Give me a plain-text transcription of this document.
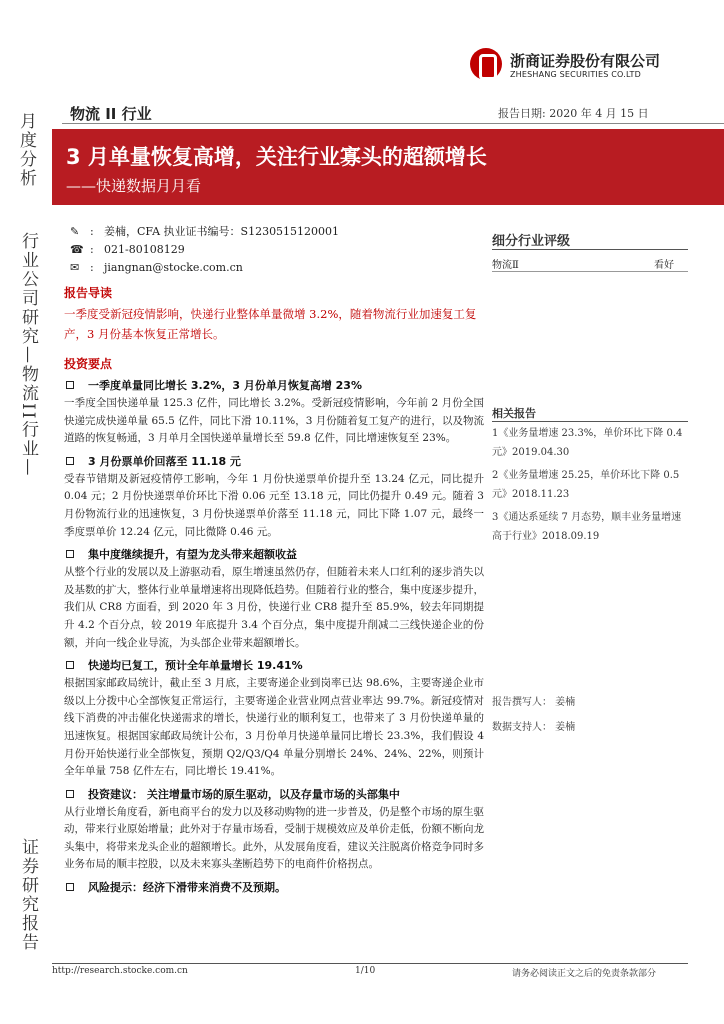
浙商证券股份有限公司
ZHESHANG SECURITIES CO.LTD
月度分析
行业公司研究—物流II行业—
证券研究报告
物流 II 行业	报告日期: 2020 年 4 月 15 日
3 月单量恢复高增，关注行业寡头的超额增长
——快递数据月月看
✎ : 姜楠，CFA 执业证书编号：S1230515120001
☎ : 021-80108129
✉ : jiangnan@stocke.com.cn
细分行业评级
物流Ⅱ	看好
相关报告
1《业务量增速 23.3%，单价环比下降 0.4 元》2019.04.30
2《业务量增速 25.25，单价环比下降 0.5 元》2018.11.23
3《通达系延续 7 月态势，顺丰业务量增速高于行业》2018.09.19
报告撰写人： 姜楠
数据支持人： 姜楠
报告导读
一季度受新冠疫情影响，快递行业整体单量微增 3.2%，随着物流行业加速复工复产，3 月份基本恢复正常增长。
投资要点
一季度单量同比增长 3.2%，3 月份单月恢复高增 23%
一季度全国快递单量 125.3 亿件，同比增长 3.2%。受新冠疫情影响，今年前 2 月份全国快递完成快递单量 65.5 亿件，同比下滑 10.11%，3 月份随着复工复产的进行，以及物流道路的恢复畅通，3 月单月全国快递单量增长至 59.8 亿件，同比增速恢复至 23%。
3 月份票单价回落至 11.18 元
受春节错期及新冠疫情停工影响，今年 1 月份快递票单价提升至 13.24 亿元，同比提升 0.04 元；2 月份快递票单价环比下滑 0.06 元至 13.18 元，同比仍提升 0.49 元。随着 3 月份物流行业的迅速恢复，3 月份快递票单价落至 11.18 元，同比下降 1.07 元，最终一季度票单价 12.24 亿元，同比微降 0.46 元。
集中度继续提升，有望为龙头带来超额收益
从整个行业的发展以及上游驱动看，原生增速虽然仍存，但随着未来人口红利的逐步消失以及基数的扩大，整体行业单量增速将出现降低趋势。但随着行业的整合，集中度逐步提升，我们从 CR8 方面看，到 2020 年 3 月份，快递行业 CR8 提升至 85.9%，较去年同期提升 4.2 个百分点，较 2019 年底提升 3.4 个百分点，集中度提升削减二三线快递企业的份额，并向一线企业导流，为头部企业带来超额增长。
快递均已复工，预计全年单量增长 19.41%
根据国家邮政局统计，截止至 3 月底，主要寄递企业到岗率已达 98.6%，主要寄递企业市级以上分拨中心全部恢复正常运行，主要寄递企业营业网点营业率达 99.7%。新冠疫情对线下消费的冲击催化快递需求的增长，快递行业的顺利复工，也带来了 3 月份快递单量的迅速恢复。根据国家邮政局统计公布，3 月份单月快递单量同比增长 23.3%，我们假设 4 月份开始快递行业全部恢复，预期 Q2/Q3/Q4 单量分别增长 24%、24%、22%，则预计全年单量 758 亿件左右，同比增长 19.41%。
投资建议： 关注增量市场的原生驱动，以及存量市场的头部集中
从行业增长角度看，新电商平台的发力以及移动购物的进一步普及，仍是整个市场的原生驱动，带来行业原始增量；此外对于存量市场看，受制于规模效应及单价走低，份额不断向龙头集中，将带来龙头企业的超额增长。此外，从发展角度看，建议关注脱离价格竞争同时多业务布局的顺丰控股，以及未来寡头垄断趋势下的电商件价格拐点。
风险提示：经济下滑带来消费不及预期。
http://research.stocke.com.cn	1/10	请务必阅读正文之后的免责条款部分
